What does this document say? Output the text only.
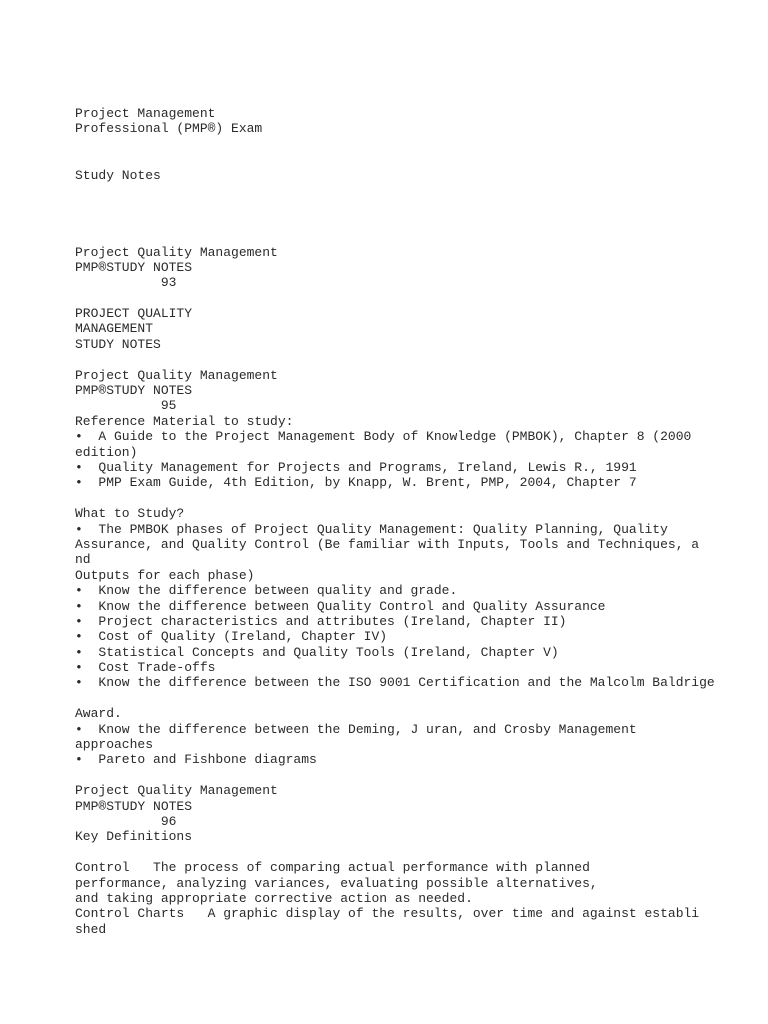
Project Management
Professional (PMP®) Exam

Study Notes

Project Quality Management
PMP®STUDY NOTES
93

PROJECT QUALITY
MANAGEMENT
STUDY NOTES

Project Quality Management
PMP®STUDY NOTES
95
Reference Material to study:
•  A Guide to the Project Management Body of Knowledge (PMBOK), Chapter 8 (2000
edition)
•  Quality Management for Projects and Programs, Ireland, Lewis R., 1991
•  PMP Exam Guide, 4th Edition, by Knapp, W. Brent, PMP, 2004, Chapter 7

What to Study?
•  The PMBOK phases of Project Quality Management: Quality Planning, Quality
Assurance, and Quality Control (Be familiar with Inputs, Tools and Techniques, a
nd
Outputs for each phase)
•  Know the difference between quality and grade.
•  Know the difference between Quality Control and Quality Assurance
•  Project characteristics and attributes (Ireland, Chapter II)
•  Cost of Quality (Ireland, Chapter IV)
•  Statistical Concepts and Quality Tools (Ireland, Chapter V)
•  Cost Trade-offs
•  Know the difference between the ISO 9001 Certification and the Malcolm Baldrige

Award.
•  Know the difference between the Deming, J uran, and Crosby Management
approaches
•  Pareto and Fishbone diagrams

Project Quality Management
PMP®STUDY NOTES
96
Key Definitions

Control   The process of comparing actual performance with planned
performance, analyzing variances, evaluating possible alternatives,
and taking appropriate corrective action as needed.
Control Charts   A graphic display of the results, over time and against establi
shed
